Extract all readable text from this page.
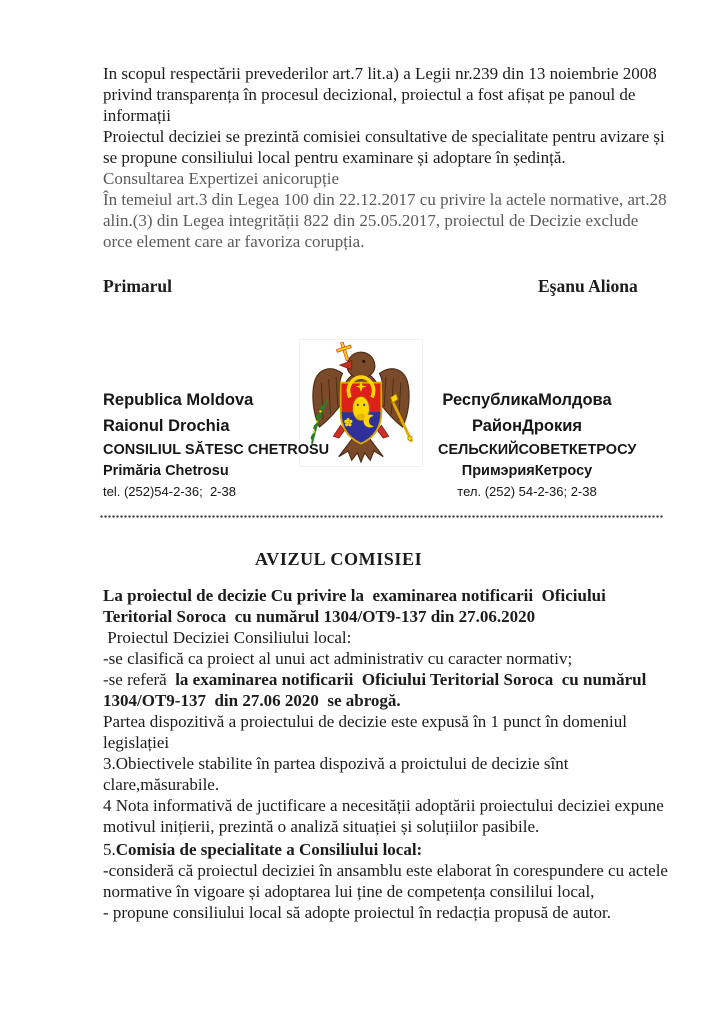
In scopul respectării prevederilor art.7 lit.a) a Legii nr.239 din 13 noiembrie 2008
privind transparența în procesul decizional, proiectul a fost afișat pe panoul de
informații
Proiectul deciziei se prezintă comisiei consultative de specialitate pentru avizare și
se propune consiliului local pentru examinare și adoptare în ședință.
Consultarea Expertizei anicorupție
În temeiul art.3 din Legea 100 din 22.12.2017 cu privire la actele normative, art.28
alin.(3) din Legea integrității 822 din 25.05.2017, proiectul de Decizie exclude
orce element care ar favoriza corupția.
Primarul	Eşanu Aliona
Republica Moldova
Raionul Drochia
CONSILIUL SĂTESC CHETROSU
Primăria Chetrosu
tel. (252)54-2-36;  2-38
РеспубликаМолдова
РайонДрокия
СЕЛЬСКИЙСОВЕТКЕТРОСУ
ПримэрияКетросу
тел. (252) 54-2-36; 2-38
AVIZUL COMISIEI
La proiectul de decizie Cu privire la  examinarea notificarii  Oficiului
Teritorial Soroca  cu numărul 1304/OT9-137 din 27.06.2020
Proiectul Deciziei Consiliului local:
-se clasifică ca proiect al unui act administrativ cu caracter normativ;
-se referă  la examinarea notificarii  Oficiului Teritorial Soroca  cu numărul
1304/OT9-137  din 27.06 2020  se abrogă.
Partea dispozitivă a proiectului de decizie este expusă în 1 punct în domeniul
legislației
3.Obiectivele stabilite în partea dispozivă a proictului de decizie sînt
clare,măsurabile.
4 Nota informativă de juctificare a necesității adoptării proiectului deciziei expune
motivul inițierii, prezintă o analiză situației și soluțiilor pasibile.
5.Comisia de specialitate a Consiliului local:
-consideră că proiectul deciziei în ansamblu este elaborat în corespundere cu actele
normative în vigoare și adoptarea lui ține de competența consililui local,
- propune consiliului local să adopte proiectul în redacția propusă de autor.
